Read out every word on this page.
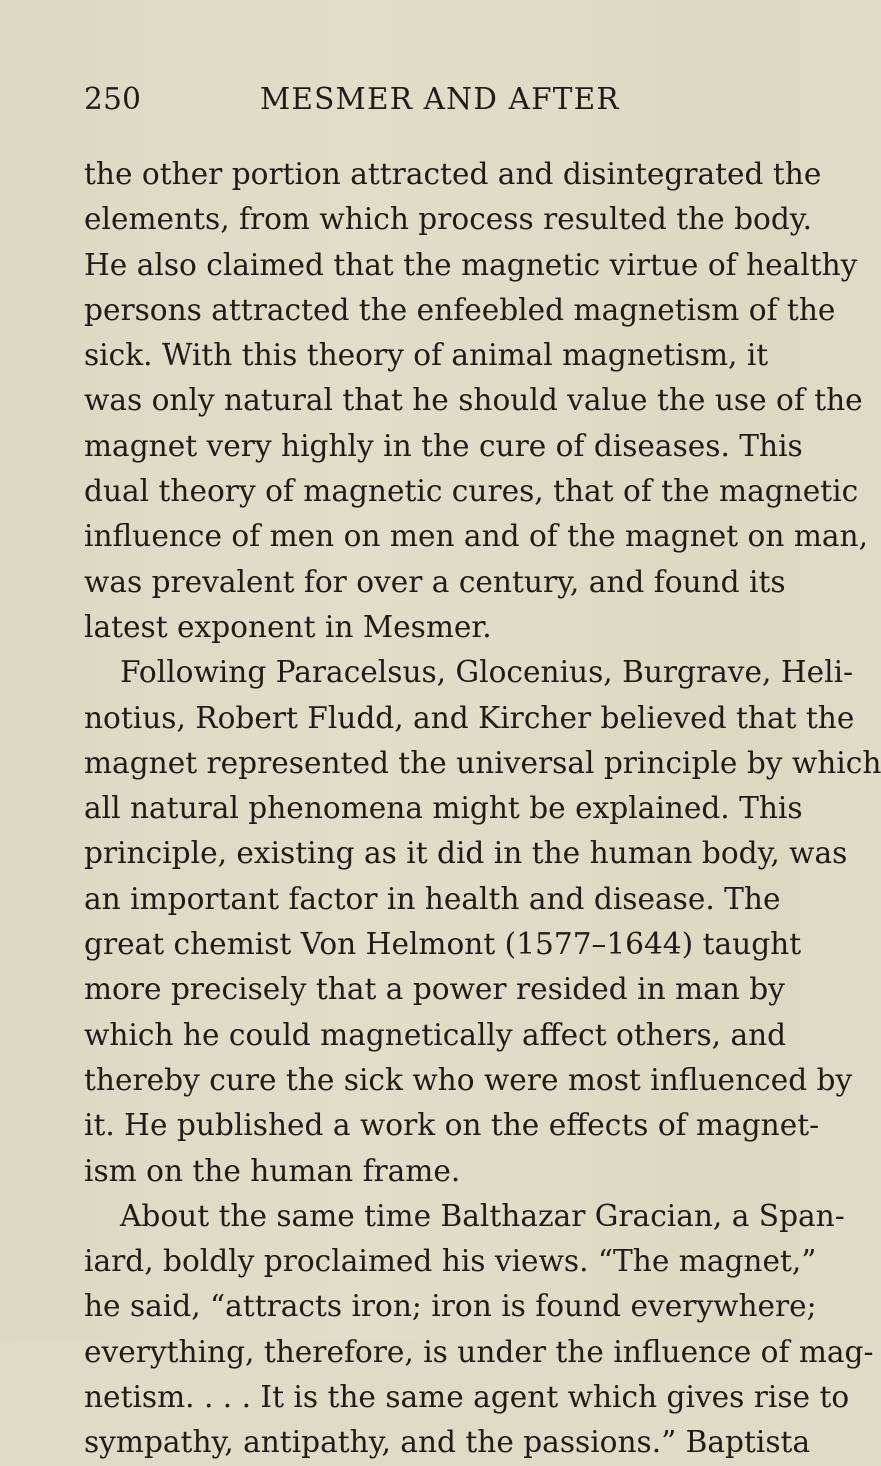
250	MESMER AND AFTER
the other portion attracted and disintegrated the
elements, from which process resulted the body.
He also claimed that the magnetic virtue of healthy
persons attracted the enfeebled magnetism of the
sick. With this theory of animal magnetism, it
was only natural that he should value the use of the
magnet very highly in the cure of diseases. This
dual theory of magnetic cures, that of the magnetic
influence of men on men and of the magnet on man,
was prevalent for over a century, and found its
latest exponent in Mesmer.
Following Paracelsus, Glocenius, Burgrave, Heli-
notius, Robert Fludd, and Kircher believed that the
magnet represented the universal principle by which
all natural phenomena might be explained. This
principle, existing as it did in the human body, was
an important factor in health and disease. The
great chemist Von Helmont (1577–1644) taught
more precisely that a power resided in man by
which he could magnetically affect others, and
thereby cure the sick who were most influenced by
it. He published a work on the effects of magnet-
ism on the human frame.
About the same time Balthazar Gracian, a Span-
iard, boldly proclaimed his views. “The magnet,”
he said, “attracts iron; iron is found everywhere;
everything, therefore, is under the influence of mag-
netism. . . . It is the same agent which gives rise to
sympathy, antipathy, and the passions.” Baptista
